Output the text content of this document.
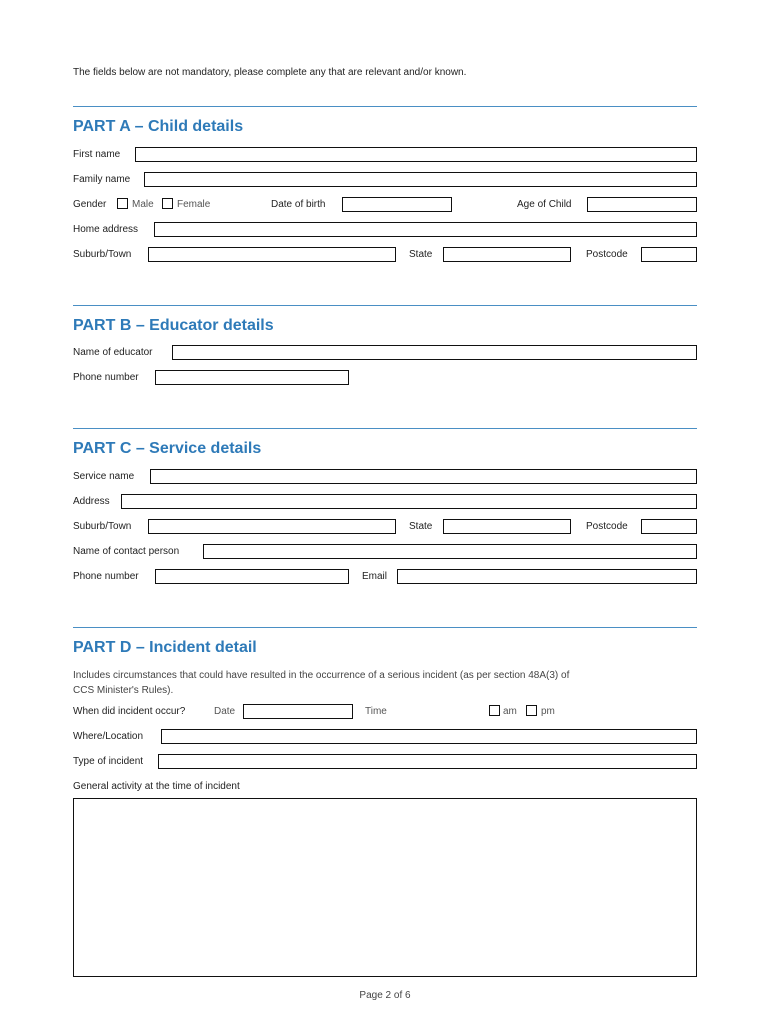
The fields below are not mandatory, please complete any that are relevant and/or known.
PART A – Child details
First name
Family name
Gender	Male Female	Date of birth	Age of Child
Home address
Suburb/Town	State	Postcode
PART B – Educator details
Name of educator
Phone number
PART C – Service details
Service name
Address
Suburb/Town	State	Postcode
Name of contact person
Phone number	Email
PART D – Incident detail
Includes circumstances that could have resulted in the occurrence of a serious incident (as per section 48A(3) of
CCS Minister's Rules).
When did incident occur?	Date	Time	am pm
Where/Location
Type of incident
General activity at the time of incident
Page 2 of 6
